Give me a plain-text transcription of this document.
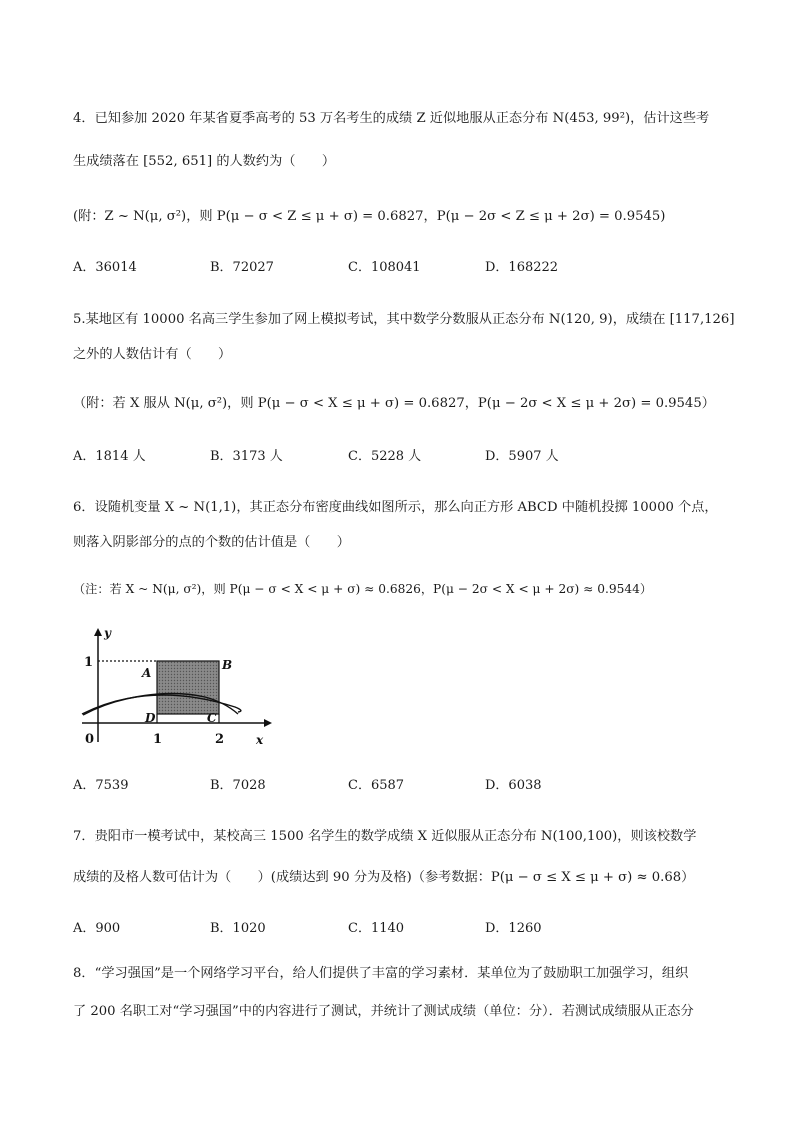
4．已知参加 2020 年某省夏季高考的 53 万名考生的成绩 Z 近似地服从正态分布 N(453, 99²)，估计这些考
生成绩落在 [552, 651] 的人数约为（　　）
(附：Z ~ N(μ, σ²)，则 P(μ − σ < Z ≤ μ + σ) = 0.6827，P(μ − 2σ < Z ≤ μ + 2σ) = 0.9545)
A．36014	B．72027	C．108041	D．168222
5.某地区有 10000 名高三学生参加了网上模拟考试，其中数学分数服从正态分布 N(120, 9)，成绩在 [117,126]
之外的人数估计有（　　）
（附：若 X 服从 N(μ, σ²)，则 P(μ − σ < X ≤ μ + σ) = 0.6827，P(μ − 2σ < X ≤ μ + 2σ) = 0.9545）
A．1814 人	B．3173 人	C．5228 人	D．5907 人
6．设随机变量 X ~ N(1,1)，其正态分布密度曲线如图所示，那么向正方形 ABCD 中随机投掷 10000 个点，
则落入阴影部分的点的个数的估计值是（　　）
（注：若 X ~ N(μ, σ²)，则 P(μ − σ < X < μ + σ) ≈ 0.6826，P(μ − 2σ < X < μ + 2σ) ≈ 0.9544）
y
x
0
1
1	2
A
B
C
D
A．7539	B．7028	C．6587	D．6038
7．贵阳市一模考试中，某校高三 1500 名学生的数学成绩 X 近似服从正态分布 N(100,100)，则该校数学
成绩的及格人数可估计为（　　）(成绩达到 90 分为及格)（参考数据：P(μ − σ ≤ X ≤ μ + σ) ≈ 0.68）
A．900	B．1020	C．1140	D．1260
8．“学习强国”是一个网络学习平台，给人们提供了丰富的学习素材．某单位为了鼓励职工加强学习，组织
了 200 名职工对“学习强国”中的内容进行了测试，并统计了测试成绩（单位：分）．若测试成绩服从正态分
